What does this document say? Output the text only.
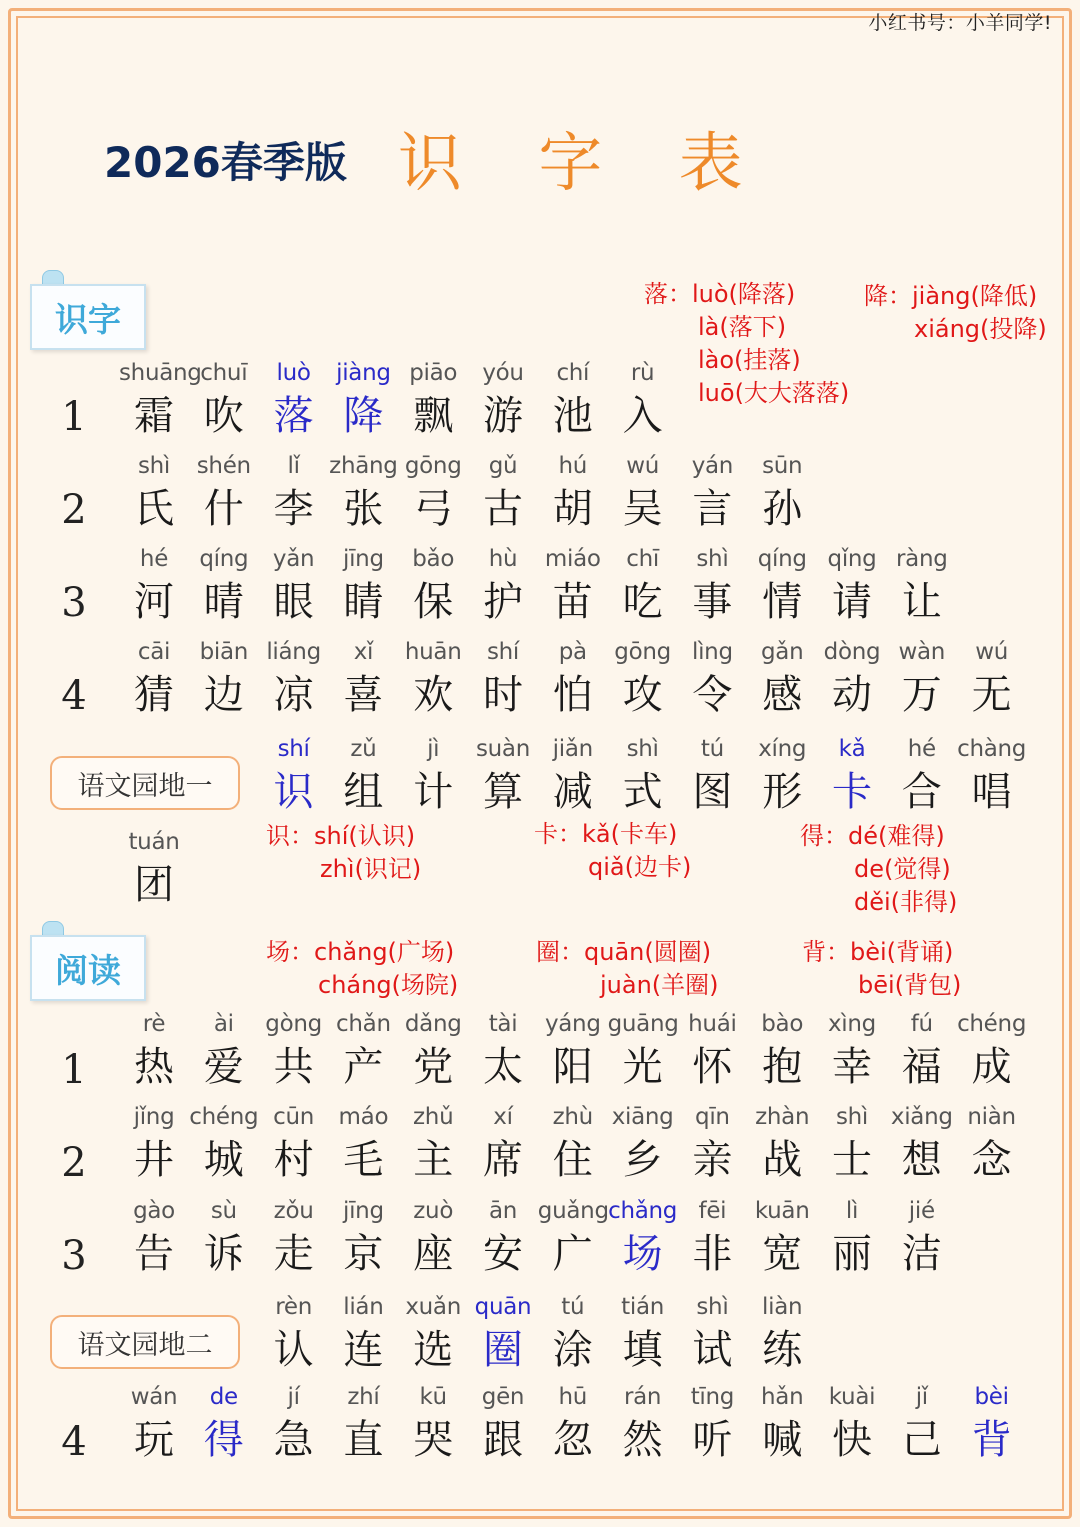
小红书号：小羊同学!
2026春季版 识 字 表
识字
阅读
语文园地一
语文园地二
1
2
3
4
1
2
3
4
shuāng
霜
chuī
吹
luò
落
jiàng
降
piāo
飘
yóu
游
chí
池
rù
入
shì
氏
shén
什
lǐ
李
zhāng
张
gōng
弓
gǔ
古
hú
胡
wú
吴
yán
言
sūn
孙
hé
河
qíng
晴
yǎn
眼
jīng
睛
bǎo
保
hù
护
miáo
苗
chī
吃
shì
事
qíng
情
qǐng
请
ràng
让
cāi
猜
biān
边
liáng
凉
xǐ
喜
huān
欢
shí
时
pà
怕
gōng
攻
lìng
令
gǎn
感
dòng
动
wàn
万
wú
无
shí
识
zǔ
组
jì
计
suàn
算
jiǎn
减
shì
式
tú
图
xíng
形
kǎ
卡
hé
合
chàng
唱
tuán
团
rè
热
ài
爱
gòng
共
chǎn
产
dǎng
党
tài
太
yáng
阳
guāng
光
huái
怀
bào
抱
xìng
幸
fú
福
chéng
成
jǐng
井
chéng
城
cūn
村
máo
毛
zhǔ
主
xí
席
zhù
住
xiāng
乡
qīn
亲
zhàn
战
shì
士
xiǎng
想
niàn
念
gào
告
sù
诉
zǒu
走
jīng
京
zuò
座
ān
安
guǎng
广
chǎng
场
fēi
非
kuān
宽
lì
丽
jié
洁
rèn
认
lián
连
xuǎn
选
quān
圈
tú
涂
tián
填
shì
试
liàn
练
wán
玩
de
得
jí
急
zhí
直
kū
哭
gēn
跟
hū
忽
rán
然
tīng
听
hǎn
喊
kuài
快
jǐ
己
bèi
背
落：luò(降落)
là(落下)
lào(挂落)
luō(大大落落)
降：jiàng(降低)
xiáng(投降)
识：shí(认识)
zhì(识记)
卡：kǎ(卡车)
qiǎ(边卡)
得：dé(难得)
de(觉得)
děi(非得)
场：chǎng(广场)
cháng(场院)
圈：quān(圆圈)
juàn(羊圈)
背：bèi(背诵)
bēi(背包)
